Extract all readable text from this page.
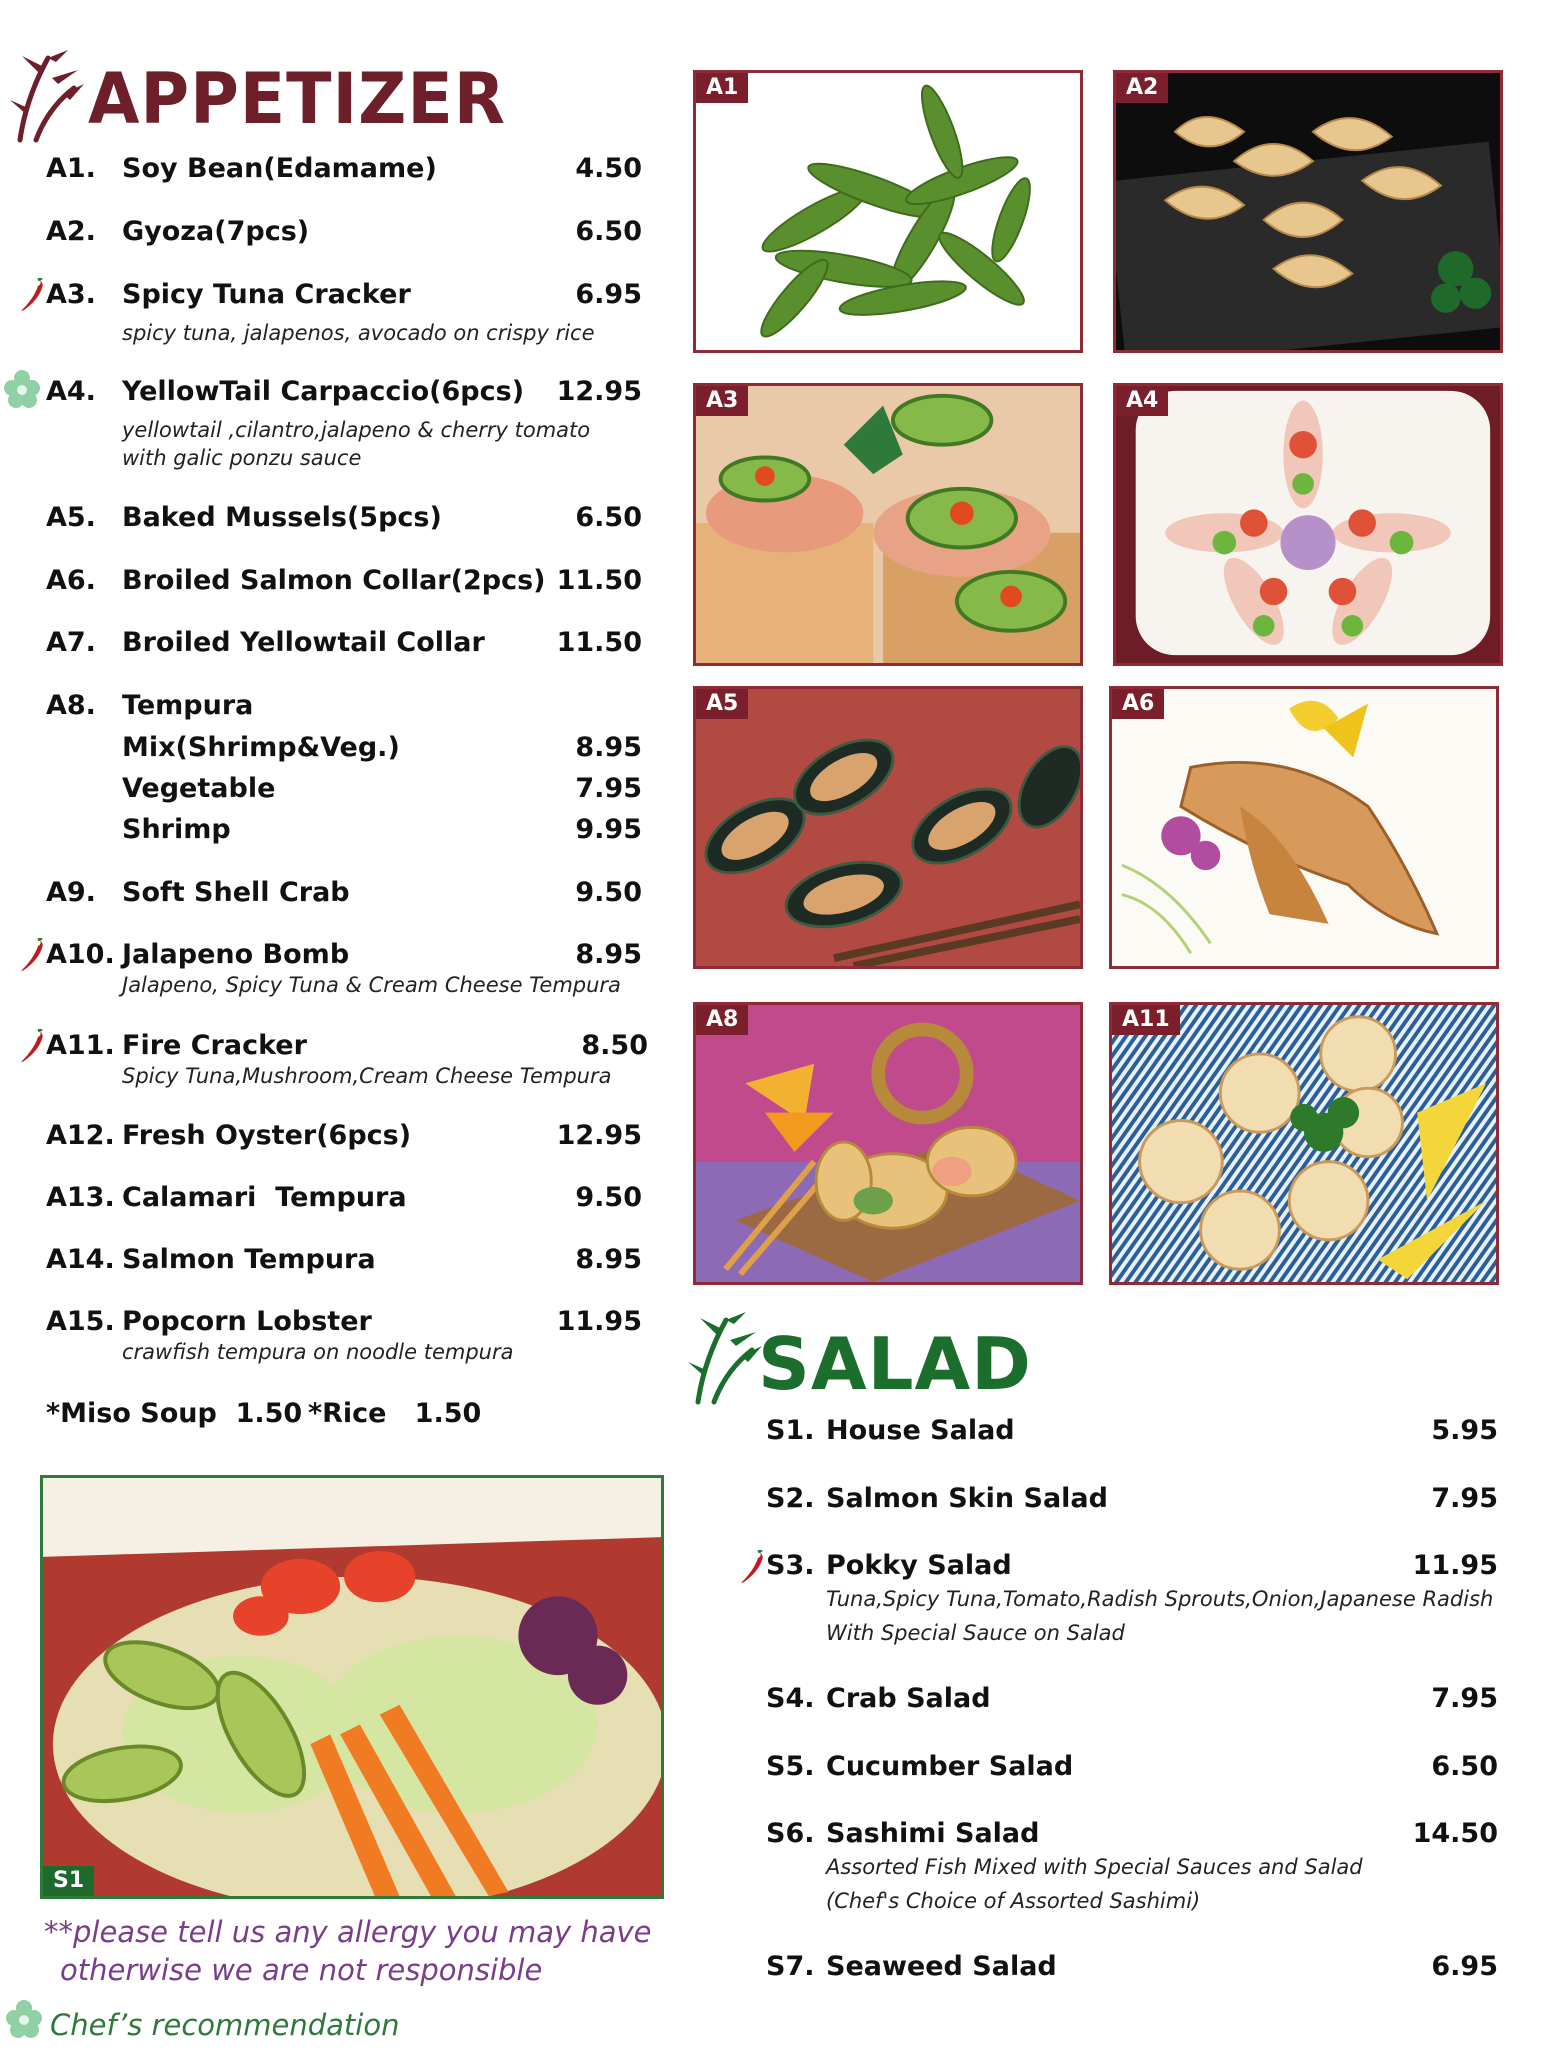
APPETIZER
A1. Soy Bean(Edamame)	4.50
A2. Gyoza(7pcs)	6.50
A3. Spicy Tuna Cracker	6.95
spicy tuna, jalapenos, avocado on crispy rice
A4. YellowTail Carpaccio(6pcs) 12.95
yellowtail ,cilantro,jalapeno & cherry tomato
with galic ponzu sauce
A5. Baked Mussels(5pcs)	6.50
A6. Broiled Salmon Collar(2pcs) 11.50
A7. Broiled Yellowtail Collar	11.50
A8. Tempura
Mix(Shrimp&Veg.)	8.95
Vegetable	7.95
Shrimp	9.95
A9. Soft Shell Crab	9.50
A10. Jalapeno Bomb	8.95
Jalapeno, Spicy Tuna & Cream Cheese Tempura
A11. Fire Cracker	8.50
Spicy Tuna,Mushroom,Cream Cheese Tempura
A12. Fresh Oyster(6pcs)	12.95
A13. Calamari  Tempura	9.50
A14. Salmon Tempura	8.95
A15. Popcorn Lobster	11.95
crawfish tempura on noodle tempura
*Miso Soup  1.50 *Rice   1.50
A1	A2
A3	A4
A5	A6
A8	A11
S1
**please tell us any allergy you may have
otherwise we are not responsible
Chef’s recommendation
SALAD
S1. House Salad	5.95
S2. Salmon Skin Salad	7.95
S3. Pokky Salad	11.95
Tuna,Spicy Tuna,Tomato,Radish Sprouts,Onion,Japanese Radish
With Special Sauce on Salad
S4. Crab Salad	7.95
S5. Cucumber Salad	6.50
S6. Sashimi Salad	14.50
Assorted Fish Mixed with Special Sauces and Salad
(Chef's Choice of Assorted Sashimi)
S7. Seaweed Salad	6.95
